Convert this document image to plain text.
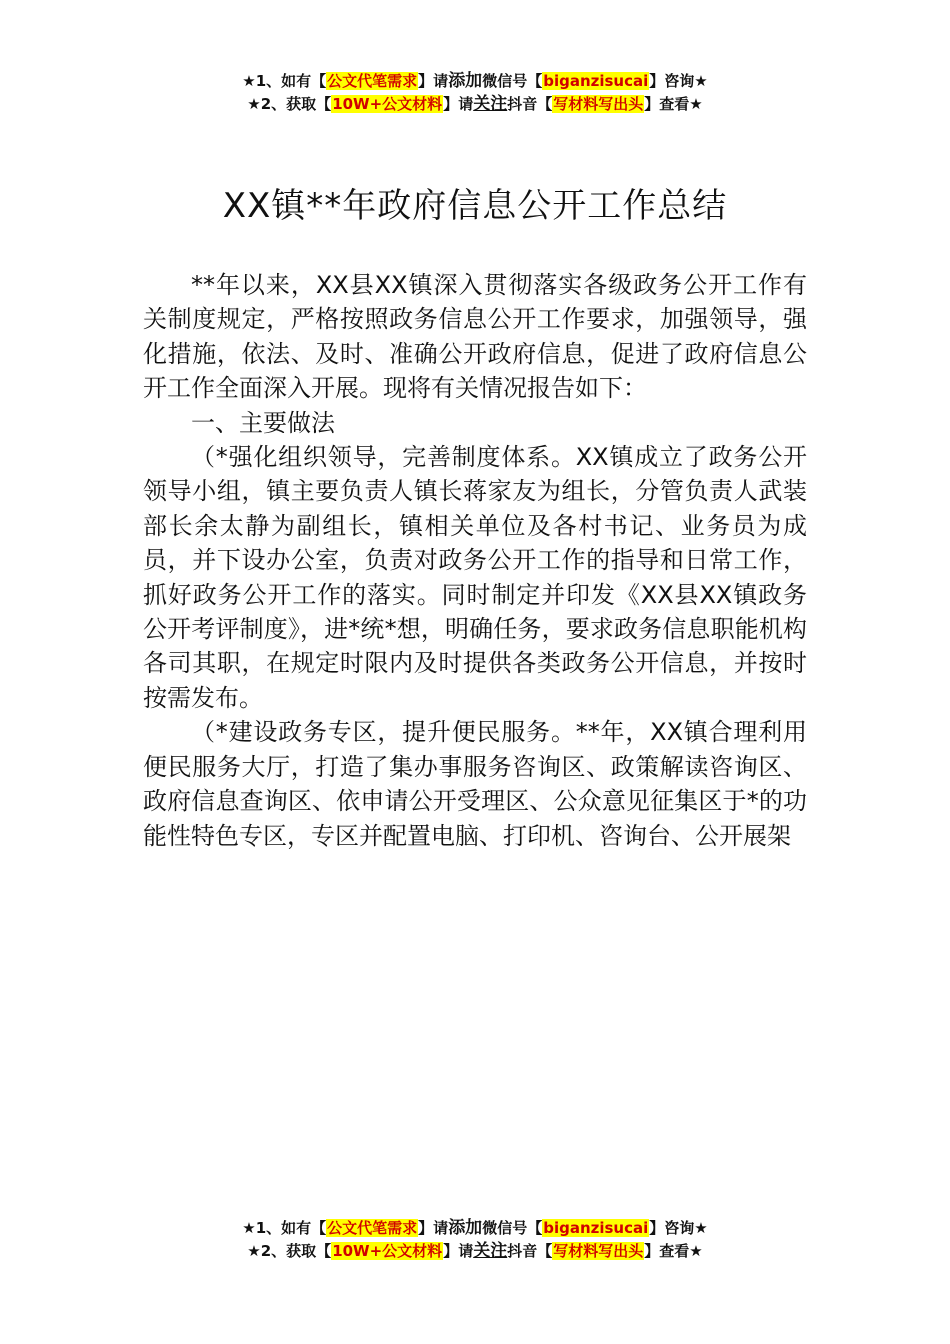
★1、如有【公文代笔需求】请添加微信号【biganzisucai】咨询★
★2、获取【10W+公文材料】请关注抖音【写材料写出头】查看★
XX镇**年政府信息公开工作总结

**年以来，XX县XX镇深入贯彻落实各级政务公开工作有关制度规定，严格按照政务信息公开工作要求，加强领导，强化措施，依法、及时、准确公开政府信息，促进了政府信息公开工作全面深入开展。现将有关情况报告如下：

一、主要做法

（*强化组织领导，完善制度体系。XX镇成立了政务公开领导小组，镇主要负责人镇长蒋家友为组长，分管负责人武装部长余太静为副组长，镇相关单位及各村书记、业务员为成员，并下设办公室，负责对政务公开工作的指导和日常工作，抓好政务公开工作的落实。同时制定并印发《XX县XX镇政务公开考评制度》，进*统*想，明确任务，要求政务信息职能机构各司其职，在规定时限内及时提供各类政务公开信息，并按时按需发布。

（*建设政务专区，提升便民服务。**年，XX镇合理利用便民服务大厅，打造了集办事服务咨询区、政策解读咨询区、政府信息查询区、依申请公开受理区、公众意见征集区于*的功能性特色专区，专区并配置电脑、打印机、咨询台、公开展架

★1、如有【公文代笔需求】请添加微信号【biganzisucai】咨询★
★2、获取【10W+公文材料】请关注抖音【写材料写出头】查看★
